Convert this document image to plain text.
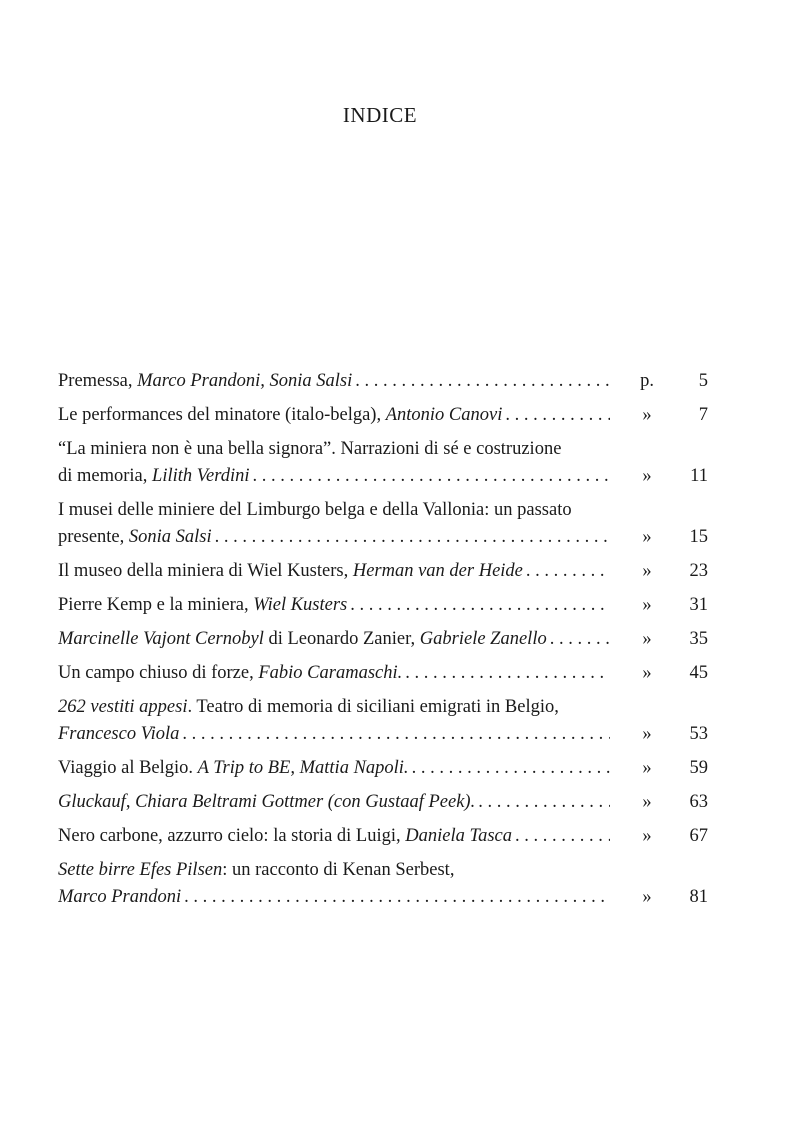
INDICE
Premessa, Marco Prandoni, Sonia Salsi . . .	p.	5
Le performances del minatore (italo-belga), Antonio Canovi . . .	»	7
“La miniera non è una bella signora”. Narrazioni di sé e costruzione
di memoria, Lilith Verdini . . .	»	11
I musei delle miniere del Limburgo belga e della Vallonia: un passato
presente, Sonia Salsi . . .	»	15
Il museo della miniera di Wiel Kusters, Herman van der Heide . . .	»	23
Pierre Kemp e la miniera, Wiel Kusters . . .	»	31
Marcinelle Vajont Cernobyl di Leonardo Zanier, Gabriele Zanello . . .	»	35
Un campo chiuso di forze, Fabio Caramaschi. . . .	»	45
262 vestiti appesi . Teatro di memoria di siciliani emigrati in Belgio,
Francesco Viola . . .	»	53
Viaggio al Belgio. A Trip to BE, Mattia Napoli. . . .	»	59
Gluckauf, Chiara Beltrami Gottmer (con Gustaaf Peek). . . .	»	63
Nero carbone, azzurro cielo: la storia di Luigi, Daniela Tasca . . .	»	67
Sette birre Efes Pilsen : un racconto di Kenan Serbest,
Marco Prandoni . . .	»	81
